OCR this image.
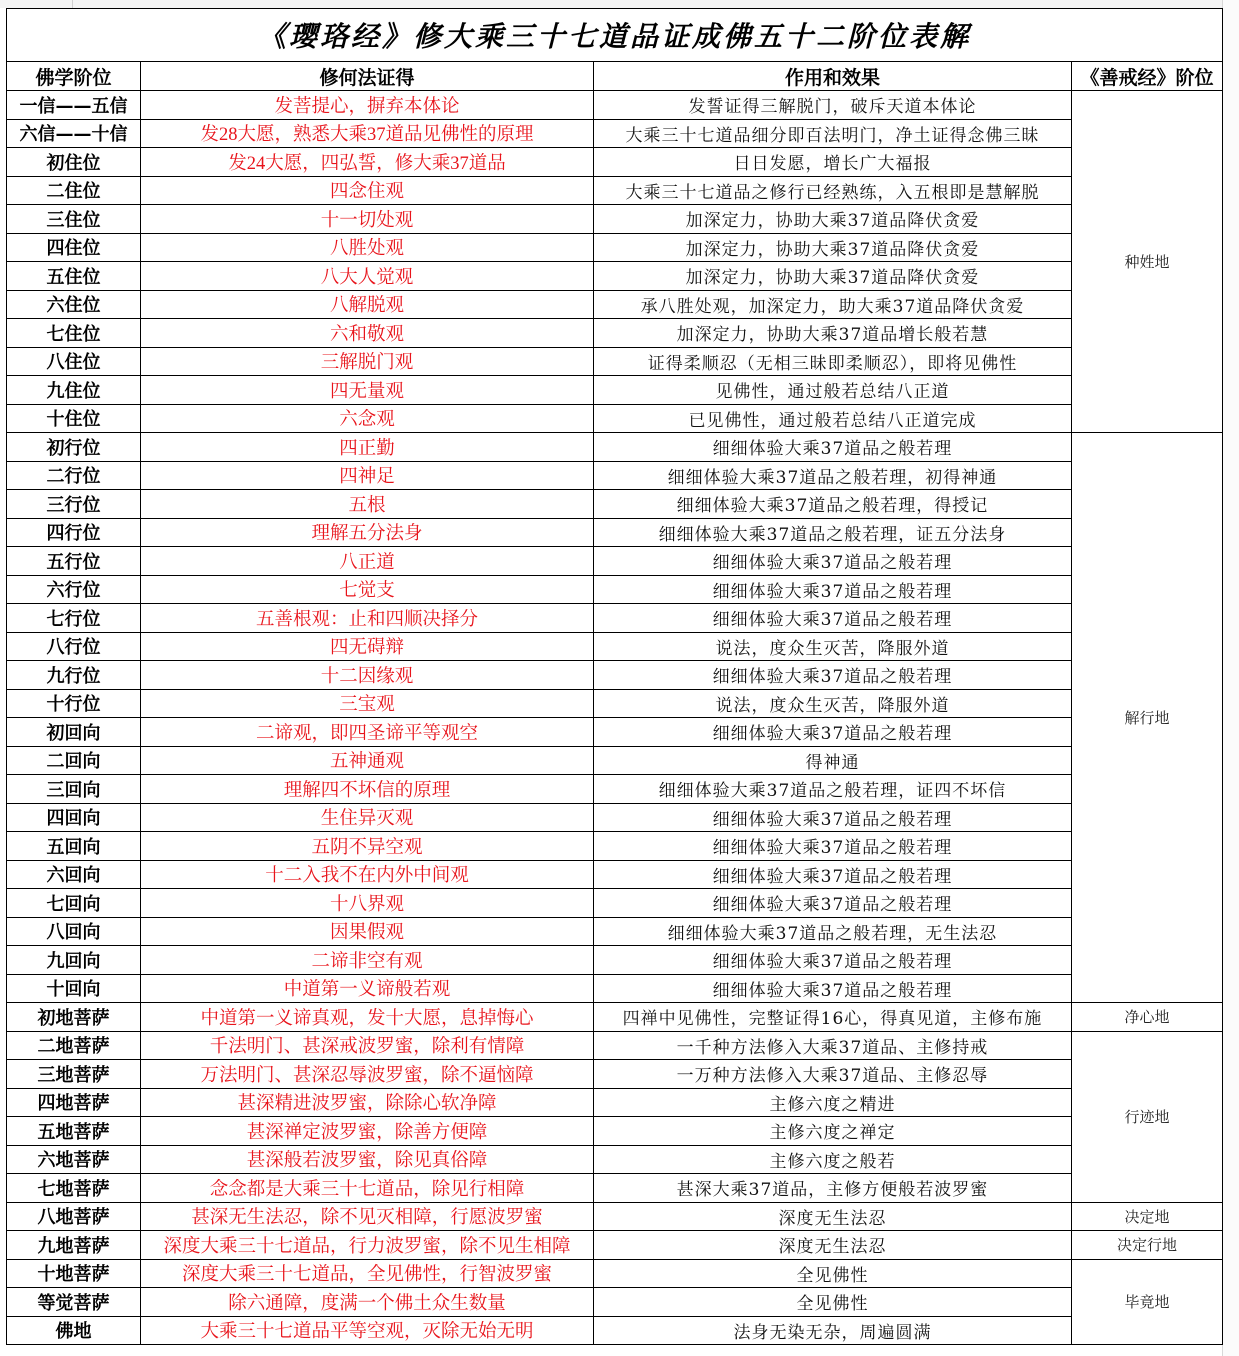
《璎珞经》修大乘三十七道品证成佛五十二阶位表解			
佛学阶位	修何法证得	作用和效果	《善戒经》阶位
一信——五信	发菩提心，摒弃本体论	发誓证得三解脱门，破斥天道本体论	种姓地
六信——十信	发28大愿，熟悉大乘37道品见佛性的原理	大乘三十七道品细分即百法明门，净土证得念佛三昧	
初住位	发24大愿，四弘誓，修大乘37道品	日日发愿，增长广大福报	
二住位	四念住观	大乘三十七道品之修行已经熟练，入五根即是慧解脱	
三住位	十一切处观	加深定力，协助大乘37道品降伏贪爱	
四住位	八胜处观	加深定力，协助大乘37道品降伏贪爱	
五住位	八大人觉观	加深定力，协助大乘37道品降伏贪爱	
六住位	八解脱观	承八胜处观，加深定力，助大乘37道品降伏贪爱	
七住位	六和敬观	加深定力，协助大乘37道品增长般若慧	
八住位	三解脱门观	证得柔顺忍（无相三昧即柔顺忍），即将见佛性	
九住位	四无量观	见佛性，通过般若总结八正道	
十住位	六念观	已见佛性，通过般若总结八正道完成	
初行位	四正勤	细细体验大乘37道品之般若理	解行地
二行位	四神足	细细体验大乘37道品之般若理，初得神通	
三行位	五根	细细体验大乘37道品之般若理，得授记	
四行位	理解五分法身	细细体验大乘37道品之般若理，证五分法身	
五行位	八正道	细细体验大乘37道品之般若理	
六行位	七觉支	细细体验大乘37道品之般若理	
七行位	五善根观：止和四顺决择分	细细体验大乘37道品之般若理	
八行位	四无碍辩	说法，度众生灭苦，降服外道	
九行位	十二因缘观	细细体验大乘37道品之般若理	
十行位	三宝观	说法，度众生灭苦，降服外道	
初回向	二谛观，即四圣谛平等观空	细细体验大乘37道品之般若理	
二回向	五神通观	得神通	
三回向	理解四不坏信的原理	细细体验大乘37道品之般若理，证四不坏信	
四回向	生住异灭观	细细体验大乘37道品之般若理	
五回向	五阴不异空观	细细体验大乘37道品之般若理	
六回向	十二入我不在内外中间观	细细体验大乘37道品之般若理	
七回向	十八界观	细细体验大乘37道品之般若理	
八回向	因果假观	细细体验大乘37道品之般若理，无生法忍	
九回向	二谛非空有观	细细体验大乘37道品之般若理	
十回向	中道第一义谛般若观	细细体验大乘37道品之般若理	
初地菩萨	中道第一义谛真观，发十大愿，息掉悔心	四禅中见佛性，完整证得16心，得真见道，主修布施	净心地
二地菩萨	千法明门、甚深戒波罗蜜，除利有情障	一千种方法修入大乘37道品、主修持戒	行迹地
三地菩萨	万法明门、甚深忍辱波罗蜜，除不逼恼障	一万种方法修入大乘37道品、主修忍辱	
四地菩萨	甚深精进波罗蜜，除除心软净障	主修六度之精进	
五地菩萨	甚深禅定波罗蜜，除善方便障	主修六度之禅定	
六地菩萨	甚深般若波罗蜜，除见真俗障	主修六度之般若	
七地菩萨	念念都是大乘三十七道品，除见行相障	甚深大乘37道品，主修方便般若波罗蜜	
八地菩萨	甚深无生法忍，除不见灭相障，行愿波罗蜜	深度无生法忍	决定地
九地菩萨	深度大乘三十七道品，行力波罗蜜，除不见生相障	深度无生法忍	决定行地
十地菩萨	深度大乘三十七道品，全见佛性，行智波罗蜜	全见佛性	毕竟地
等觉菩萨	除六通障，度满一个佛土众生数量	全见佛性	
佛地	大乘三十七道品平等空观，灭除无始无明	法身无染无杂，周遍圆满	
